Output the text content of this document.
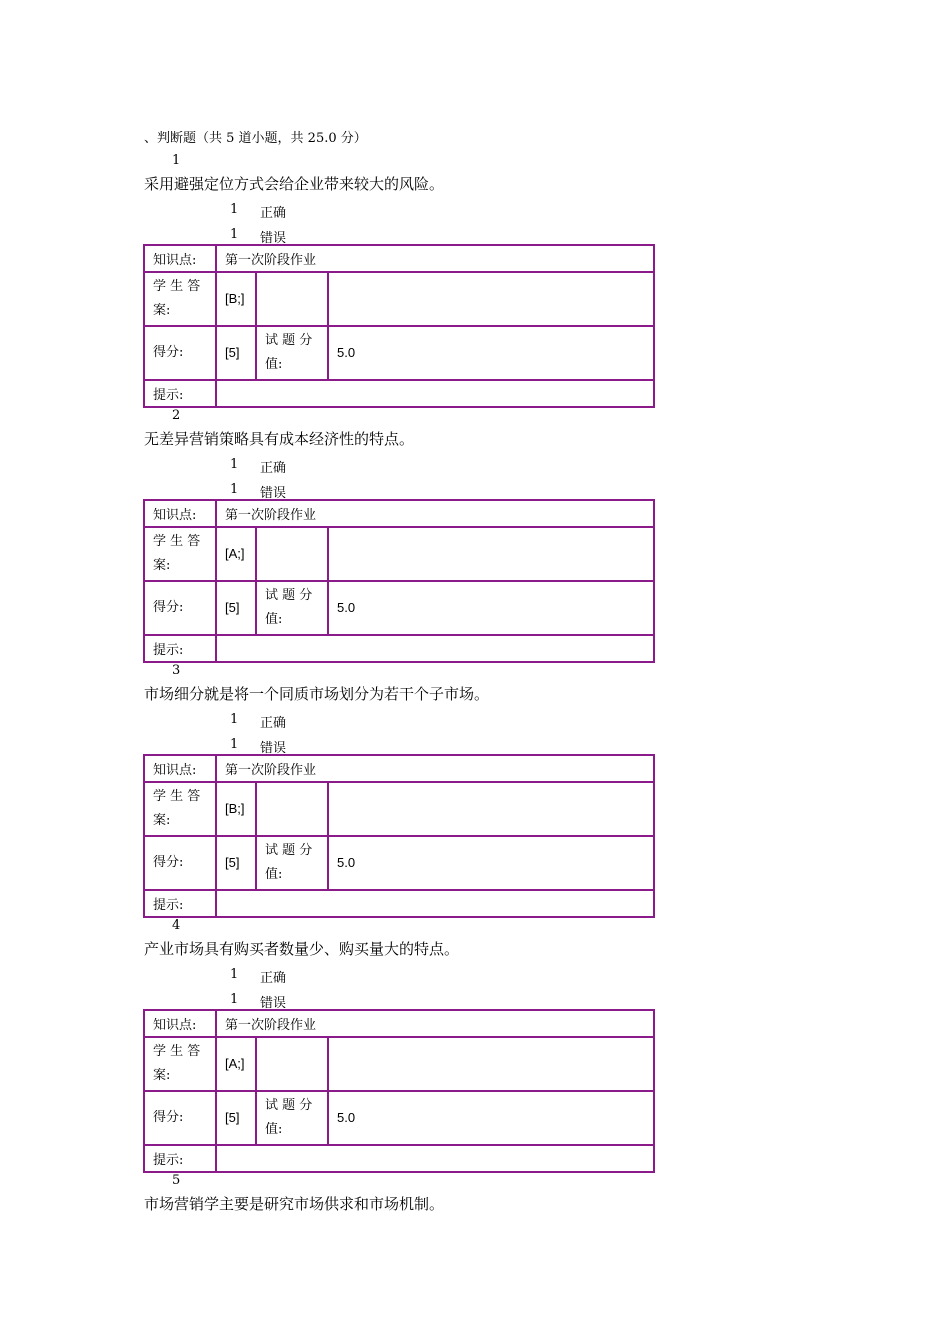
、判断题（共 5 道小题，共 25.0 分）
1
采用避强定位方式会给企业带来较大的风险。
1 正确
1 错误
知识点:	第一次阶段作业		
学 生 答
案:	[B;]		
得分:	[5]	试 题 分
值:	5.0
提示:			
2
无差异营销策略具有成本经济性的特点。
1 正确
1 错误
知识点:	第一次阶段作业		
学 生 答
案:	[A;]		
得分:	[5]	试 题 分
值:	5.0
提示:			
3
市场细分就是将一个同质市场划分为若干个子市场。
1 正确
1 错误
知识点:	第一次阶段作业		
学 生 答
案:	[B;]		
得分:	[5]	试 题 分
值:	5.0
提示:			
4
产业市场具有购买者数量少、购买量大的特点。
1 正确
1 错误
知识点:	第一次阶段作业		
学 生 答
案:	[A;]		
得分:	[5]	试 题 分
值:	5.0
提示:			
5
市场营销学主要是研究市场供求和市场机制。
